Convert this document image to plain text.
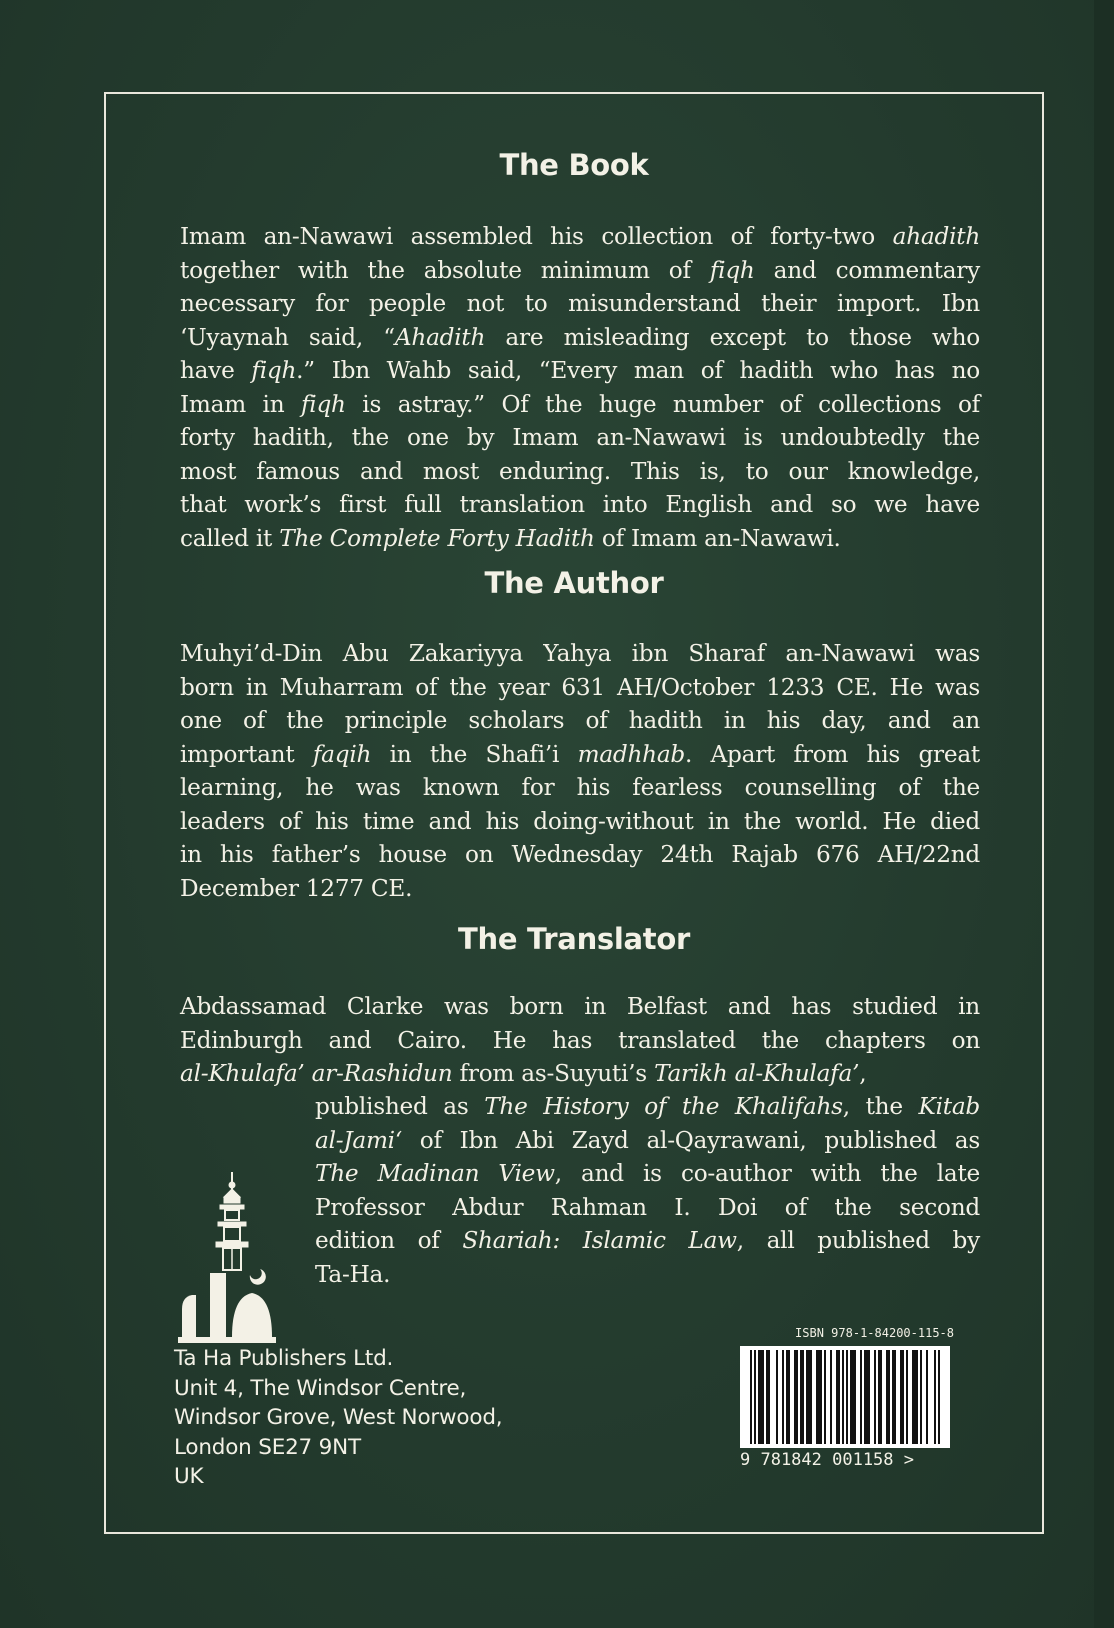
The Book
Imam an-Nawawi assembled his collection of forty-two ahadith
together with the absolute minimum of fiqh and commentary
necessary for people not to misunderstand their import. Ibn
‘Uyaynah said, “Ahadith are misleading except to those who
have fiqh.” Ibn Wahb said, “Every man of hadith who has no
Imam in fiqh is astray.” Of the huge number of collections of
forty hadith, the one by Imam an-Nawawi is undoubtedly the
most famous and most enduring. This is, to our knowledge,
that work’s first full translation into English and so we have
called it The Complete Forty Hadith of Imam an-Nawawi.
The Author
Muhyi’d-Din Abu Zakariyya Yahya ibn Sharaf an-Nawawi was
born in Muharram of the year 631 AH/October 1233 CE. He was
one of the principle scholars of hadith in his day, and an
important faqih in the Shafi’i madhhab. Apart from his great
learning, he was known for his fearless counselling of the
leaders of his time and his doing-without in the world. He died
in his father’s house on Wednesday 24th Rajab 676 AH/22nd
December 1277 CE.
The Translator
Abdassamad Clarke was born in Belfast and has studied in
Edinburgh and Cairo. He has translated the chapters on
al-Khulafa’ ar-Rashidun from as-Suyuti’s Tarikh al-Khulafa’,
published as The History of the Khalifahs, the Kitab
al-Jami‘ of Ibn Abi Zayd al-Qayrawani, published as
The Madinan View, and is co-author with the late
Professor Abdur Rahman I. Doi of the second
edition of Shariah: Islamic Law, all published by
Ta-Ha.
Ta Ha Publishers Ltd.
Unit 4, The Windsor Centre,
Windsor Grove, West Norwood,
London SE27 9NT
UK
ISBN 978-1-84200-115-8
9 781842 001158 >
